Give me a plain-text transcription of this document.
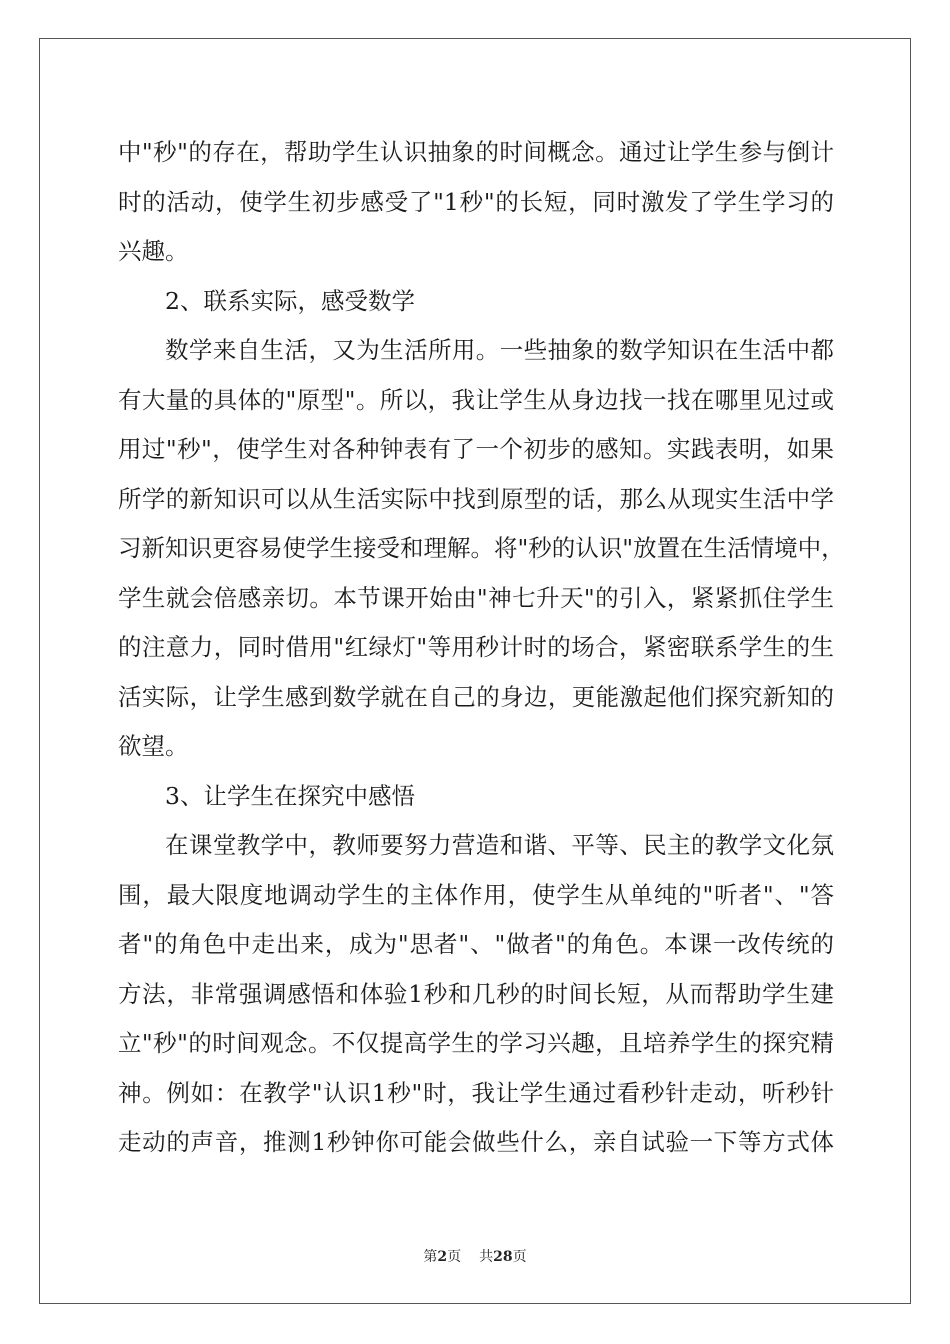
中"秒"的存在，帮助学生认识抽象的时间概念。通过让学生参与倒计
时的活动，使学生初步感受了"1秒"的长短，同时激发了学生学习的
兴趣。
2、联系实际，感受数学
数学来自生活，又为生活所用。一些抽象的数学知识在生活中都
有大量的具体的"原型"。所以，我让学生从身边找一找在哪里见过或
用过"秒"，使学生对各种钟表有了一个初步的感知。实践表明，如果
所学的新知识可以从生活实际中找到原型的话，那么从现实生活中学
习新知识更容易使学生接受和理解。将"秒的认识"放置在生活情境中，
学生就会倍感亲切。本节课开始由"神七升天"的引入，紧紧抓住学生
的注意力，同时借用"红绿灯"等用秒计时的场合，紧密联系学生的生
活实际，让学生感到数学就在自己的身边，更能激起他们探究新知的
欲望。
3、让学生在探究中感悟
在课堂教学中，教师要努力营造和谐、平等、民主的教学文化氛
围，最大限度地调动学生的主体作用，使学生从单纯的"听者"、"答
者"的角色中走出来，成为"思者"、"做者"的角色。本课一改传统的
方法，非常强调感悟和体验1秒和几秒的时间长短，从而帮助学生建
立"秒"的时间观念。不仅提高学生的学习兴趣，且培养学生的探究精
神。例如：在教学"认识1秒"时，我让学生通过看秒针走动，听秒针
走动的声音，推测1秒钟你可能会做些什么，亲自试验一下等方式体
第2页 共28页
